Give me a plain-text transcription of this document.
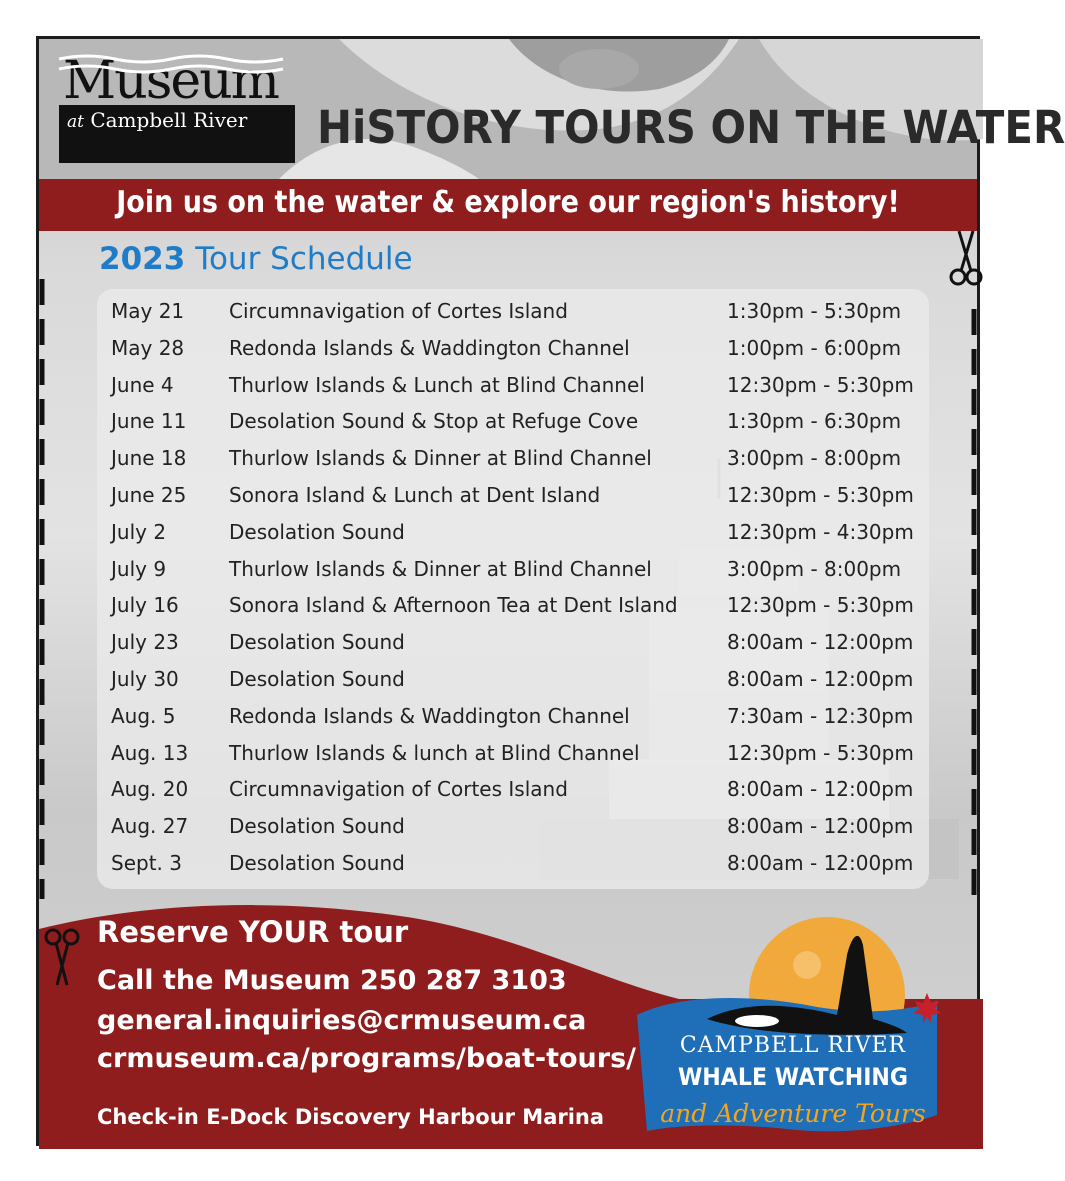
Museum
at Campbell River	HiSTORY TOURS ON THE WATER
Join us on the water & explore our region's history!
2023 Tour Schedule
May 21 Circumnavigation of Cortes Island	1:30pm - 5:30pm
May 28 Redonda Islands & Waddington Channel	1:00pm - 6:00pm
June 4	Thurlow Islands & Lunch at Blind Channel	12:30pm - 5:30pm
June 11 Desolation Sound & Stop at Refuge Cove	1:30pm - 6:30pm
June 18 Thurlow Islands & Dinner at Blind Channel	3:00pm - 8:00pm
June 25 Sonora Island & Lunch at Dent Island	12:30pm - 5:30pm
July 2	Desolation Sound	12:30pm - 4:30pm
July 9	Thurlow Islands & Dinner at Blind Channel	3:00pm - 8:00pm
July 16	Sonora Island & Afternoon Tea at Dent Island 12:30pm - 5:30pm
July 23	Desolation Sound	8:00am - 12:00pm
July 30	Desolation Sound	8:00am - 12:00pm
Aug. 5	Redonda Islands & Waddington Channel	7:30am - 12:30pm
Aug. 13 Thurlow Islands & lunch at Blind Channel	12:30pm - 5:30pm
Aug. 20 Circumnavigation of Cortes Island	8:00am - 12:00pm
Aug. 27 Desolation Sound	8:00am - 12:00pm
Sept. 3 Desolation Sound	8:00am - 12:00pm
Reserve YOUR tour
Call the Museum 250 287 3103
general.inquiries@crmuseum.ca
crmuseum.ca/programs/boat-tours/
Check-in E-Dock Discovery Harbour Marina
CAMPBELL RIVER
WHALE WATCHING
and Adventure Tours
